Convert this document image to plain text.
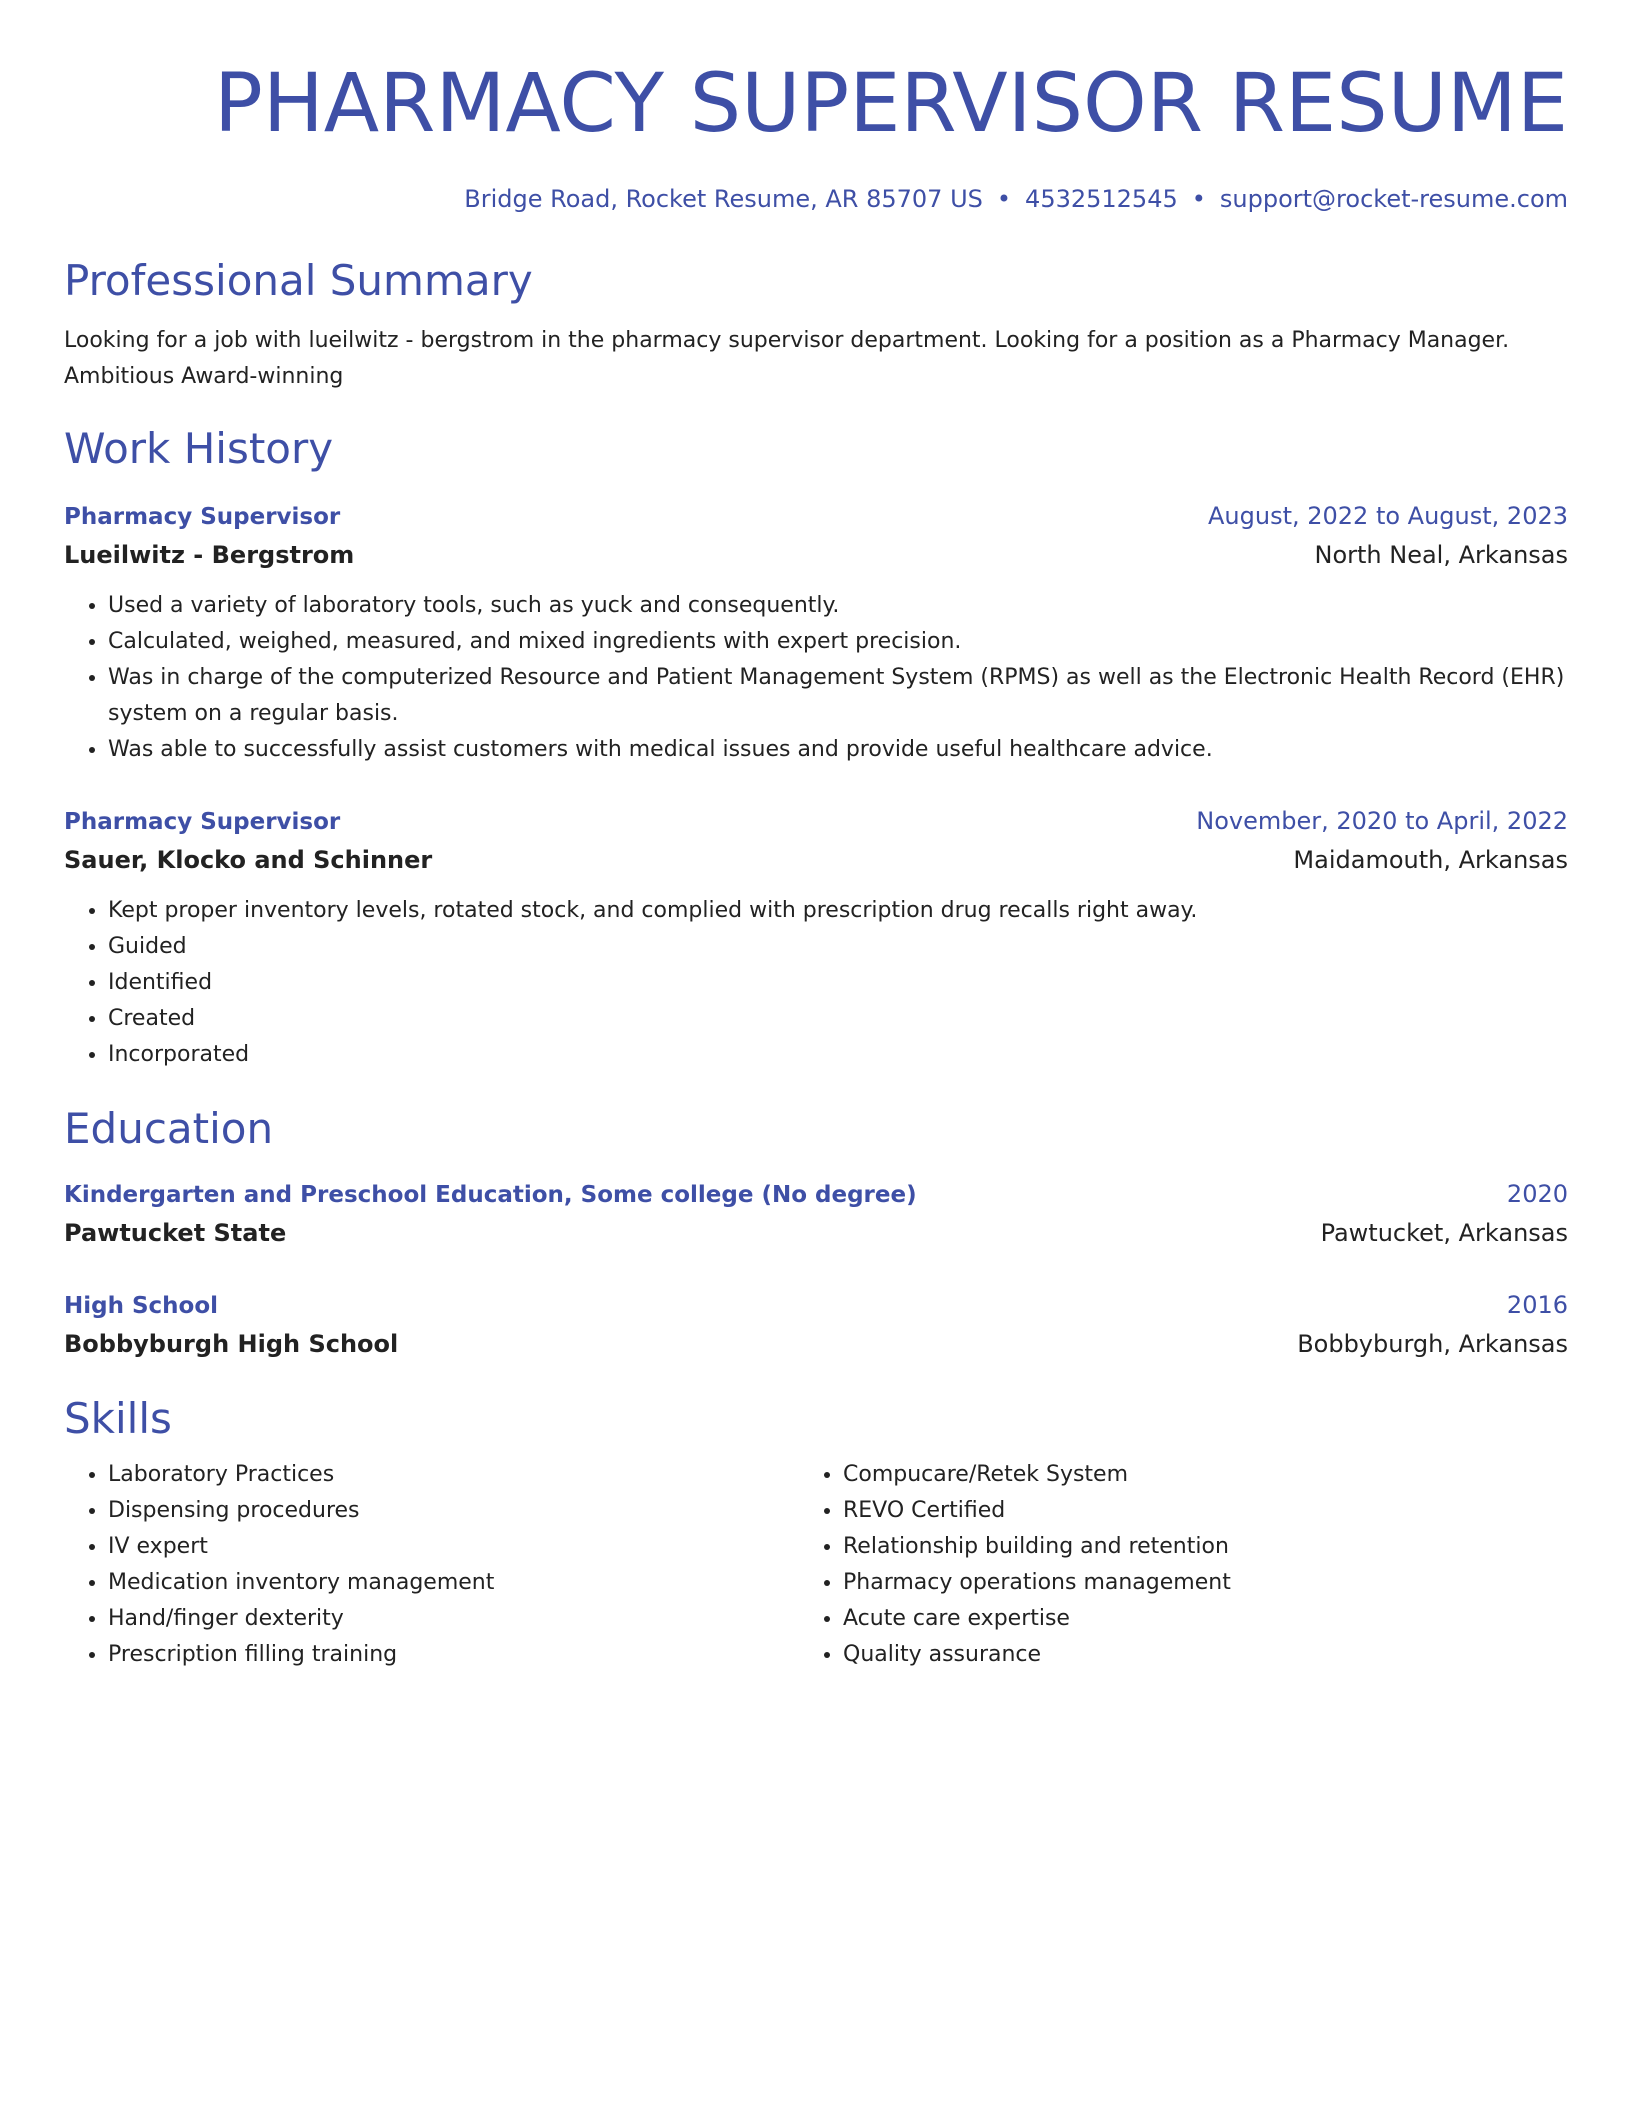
PHARMACY SUPERVISOR RESUME
Bridge Road, Rocket Resume, AR 85707 US • 4532512545 • support@rocket-resume.com
Professional Summary
Looking for a job with lueilwitz - bergstrom in the pharmacy supervisor department. Looking for a position as a Pharmacy Manager. Ambitious Award-winning
Work History
Pharmacy Supervisor	August, 2022 to August, 2023
Lueilwitz - Bergstrom	North Neal, Arkansas
• Used a variety of laboratory tools, such as yuck and consequently.
• Calculated, weighed, measured, and mixed ingredients with expert precision.
• Was in charge of the computerized Resource and Patient Management System (RPMS) as well as the Electronic Health Record (EHR) system on a regular basis.
• Was able to successfully assist customers with medical issues and provide useful healthcare advice.
Pharmacy Supervisor	November, 2020 to April, 2022
Sauer, Klocko and Schinner	Maidamouth, Arkansas
• Kept proper inventory levels, rotated stock, and complied with prescription drug recalls right away.
• Guided
• Identified
• Created
• Incorporated
Education
Kindergarten and Preschool Education, Some college (No degree)	2020
Pawtucket State	Pawtucket, Arkansas
High School	2016
Bobbyburgh High School	Bobbyburgh, Arkansas
Skills
• Laboratory Practices
• Dispensing procedures
• IV expert
• Medication inventory management
• Hand/finger dexterity
• Prescription filling training
• Compucare/Retek System
• REVO Certified
• Relationship building and retention
• Pharmacy operations management
• Acute care expertise
• Quality assurance
